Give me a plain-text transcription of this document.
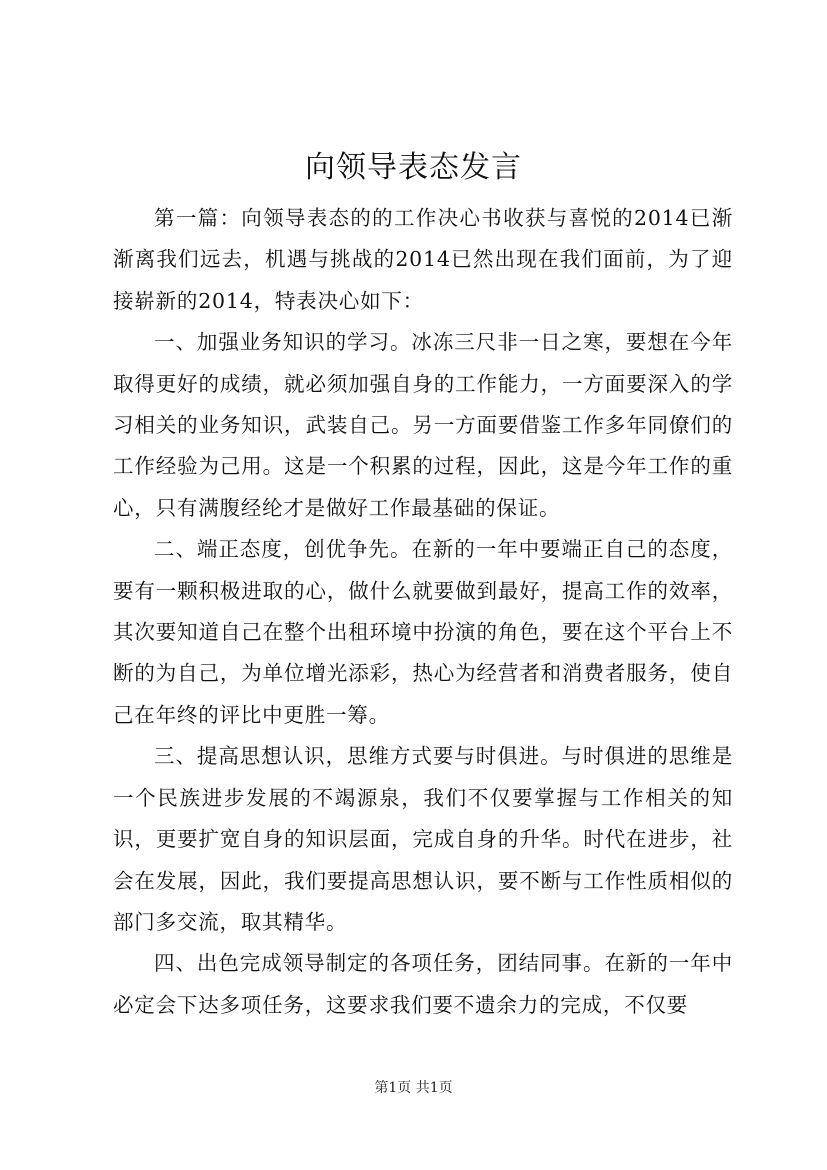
向领导表态发言

第一篇：向领导表态的的工作决心书收获与喜悦的2014已渐渐离我们远去，机遇与挑战的2014已然出现在我们面前，为了迎接崭新的2014，特表决心如下：

一、加强业务知识的学习。冰冻三尺非一日之寒，要想在今年取得更好的成绩，就必须加强自身的工作能力，一方面要深入的学习相关的业务知识，武装自己。另一方面要借鉴工作多年同僚们的工作经验为己用。这是一个积累的过程，因此，这是今年工作的重心，只有满腹经纶才是做好工作最基础的保证。

二、端正态度，创优争先。在新的一年中要端正自己的态度，要有一颗积极进取的心，做什么就要做到最好，提高工作的效率，其次要知道自己在整个出租环境中扮演的角色，要在这个平台上不断的为自己，为单位增光添彩，热心为经营者和消费者服务，使自己在年终的评比中更胜一筹。

三、提高思想认识，思维方式要与时俱进。与时俱进的思维是一个民族进步发展的不竭源泉，我们不仅要掌握与工作相关的知识，更要扩宽自身的知识层面，完成自身的升华。时代在进步，社会在发展，因此，我们要提高思想认识，要不断与工作性质相似的部门多交流，取其精华。

四、出色完成领导制定的各项任务，团结同事。在新的一年中必定会下达多项任务，这要求我们要不遗余力的完成，不仅要

第1页 共1页
